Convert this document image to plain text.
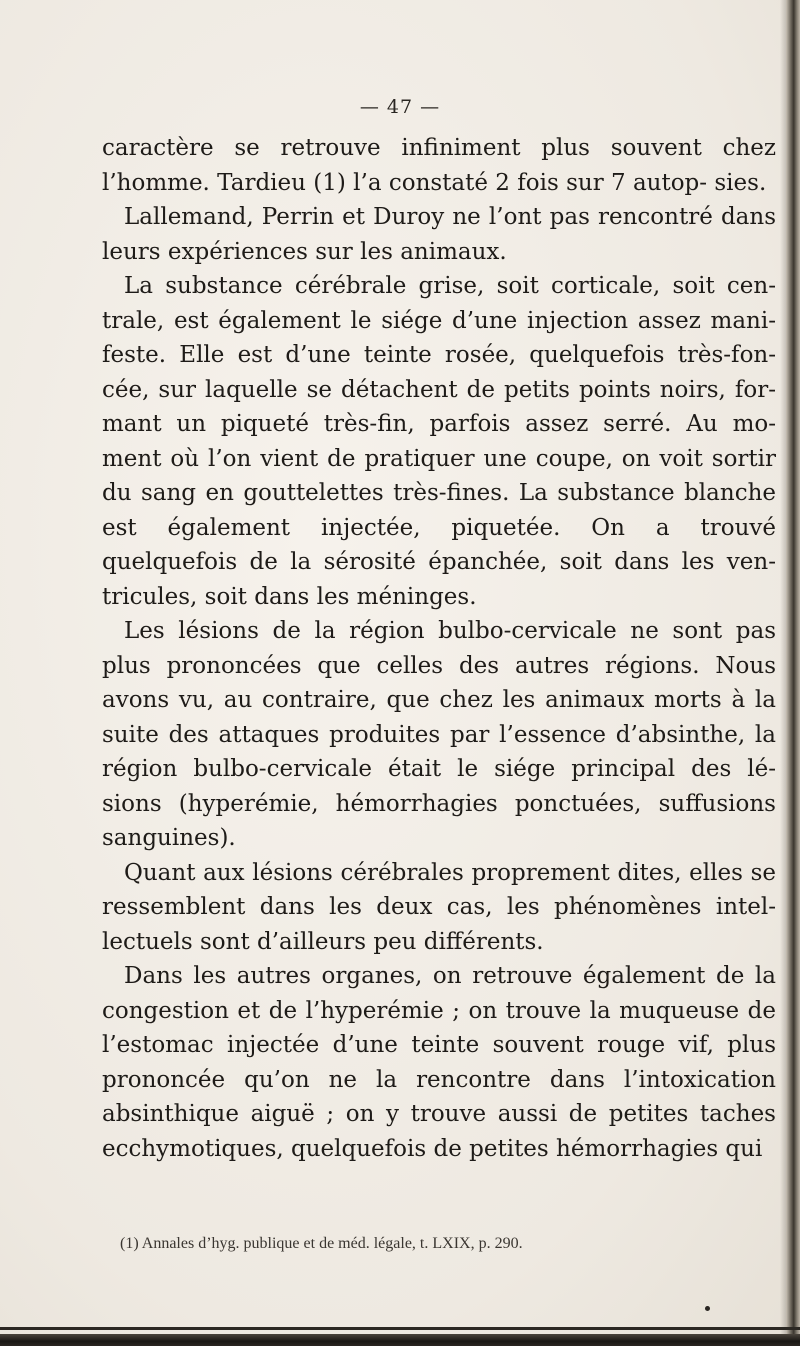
— 47 —

caractère se retrouve infiniment plus souvent chez l’homme. Tardieu (1) l’a constaté 2 fois sur 7 autop- sies.

Lallemand, Perrin et Duroy ne l’ont pas rencontré dans leurs expériences sur les animaux.

La substance cérébrale grise, soit corticale, soit cen- trale, est également le siége d’une injection assez mani- feste. Elle est d’une teinte rosée, quelquefois très-fon- cée, sur laquelle se détachent de petits points noirs, for- mant un piqueté très-fin, parfois assez serré. Au mo- ment où l’on vient de pratiquer une coupe, on voit sortir du sang en gouttelettes très-fines. La substance blanche est également injectée, piquetée. On a trouvé quelquefois de la sérosité épanchée, soit dans les ven- tricules, soit dans les méninges.

Les lésions de la région bulbo-cervicale ne sont pas plus prononcées que celles des autres régions. Nous avons vu, au contraire, que chez les animaux morts à la suite des attaques produites par l’essence d’absinthe, la région bulbo-cervicale était le siége principal des lé- sions (hyperémie, hémorrhagies ponctuées, suffusions sanguines).

Quant aux lésions cérébrales proprement dites, elles se ressemblent dans les deux cas, les phénomènes intel- lectuels sont d’ailleurs peu différents.

Dans les autres organes, on retrouve également de la congestion et de l’hyperémie ; on trouve la muqueuse de l’estomac injectée d’une teinte souvent rouge vif, plus prononcée qu’on ne la rencontre dans l’intoxication absinthique aiguë ; on y trouve aussi de petites taches ecchymotiques, quelquefois de petites hémorrhagies qui

(1) Annales d’hyg. publique et de méd. légale, t. LXIX, p. 290.
